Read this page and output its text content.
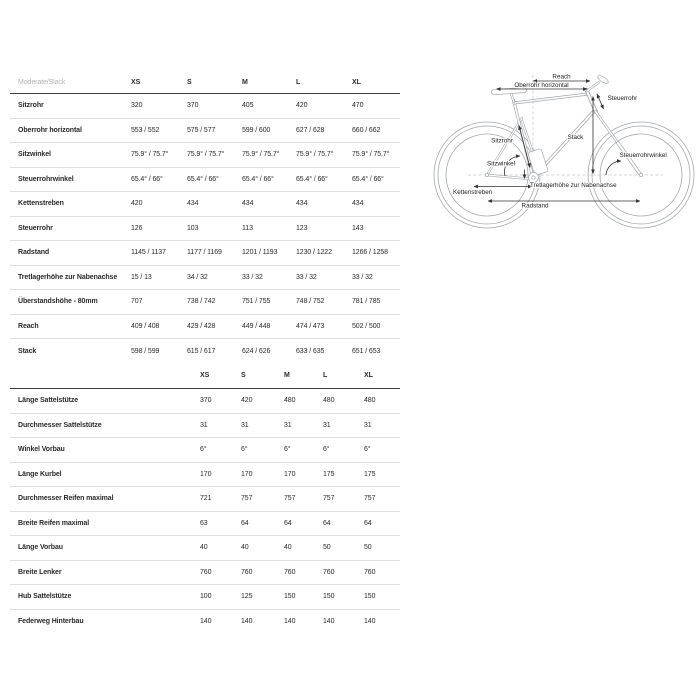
Moderate/Slack	XS	S	M	L	XL
Sitzrohr	320	370	405	420	470
Oberrohr horizontal	553 / 552	575 / 577	599 / 600	627 / 628	660 / 662
Sitzwinkel	75.9° / 75.7°	75.9° / 75.7°	75.9° / 75.7°	75.9° / 75.7°	75.9° / 75.7°
Steuerrohrwinkel	65.4° / 66°	65.4° / 66°	65.4° / 66°	65.4° / 66°	65.4° / 66°
Kettenstreben	420	434	434	434	434
Steuerrohr	126	103	113	123	143
Radstand	1145 / 1137	1177 / 1169	1201 / 1193	1230 / 1222	1266 / 1258
Tretlagerhöhe zur Nabenachse	15 / 13	34 / 32	33 / 32	33 / 32	33 / 32
Überstandshöhe - 80mm	707	738 / 742	751 / 755	748 / 752	781 / 785
Reach	409 / 408	429 / 428	449 / 448	474 / 473	502 / 500
Stack	598 / 599	615 / 617	624 / 626	633 / 635	651 / 653
XS	S	M	L	XL
Länge Sattelstütze	370	420	480	480	480
Durchmesser Sattelstütze	31	31	31	31	31
Winkel Vorbau	6°	6°	6°	6°	6°
Länge Kurbel	170	170	170	175	175
Durchmesser Reifen maximal	721	757	757	757	757
Breite Reifen maximal	63	64	64	64	64
Länge Vorbau	40	40	40	50	50
Breite Lenker	760	760	760	760	760
Hub Sattelstütze	100	125	150	150	150
Federweg Hinterbau	140	140	140	140	140
Reach
Oberrohr horizontal
Steuerrohr
Sitzrohr	Stack
Sitzwinkel
Steuerrohrwinkel
Tretlagerhöhe zur Nabenachse
Kettenstreben
Radstand
